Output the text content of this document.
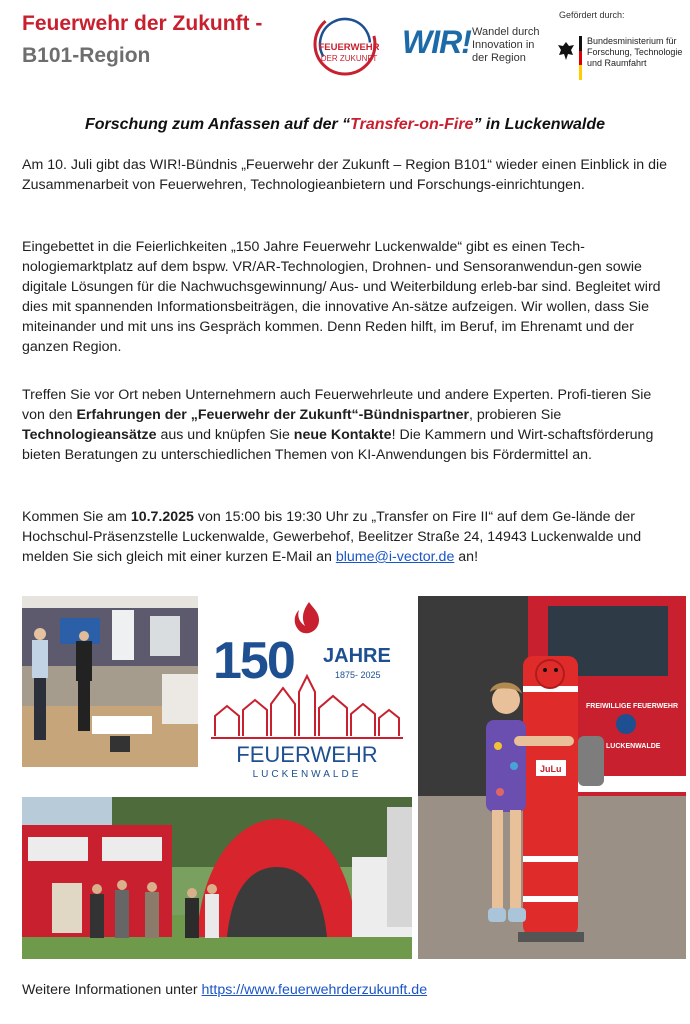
Feuerwehr der Zukunft -
B101-Region	FEUERWEHR
DER ZUKUNFT WIR! Wandel durch Innovation in der Region
Gefördert durch:
Bundesministerium für Forschung, Technologie und Raumfahrt
Forschung zum Anfassen auf der “Transfer-on-Fire” in Luckenwalde

Am 10. Juli gibt das WIR!-Bündnis „Feuerwehr der Zukunft – Region B101“ wieder einen Einblick in die Zusammenarbeit von Feuerwehren, Technologieanbietern und Forschungs-einrichtungen.

Eingebettet in die Feierlichkeiten „150 Jahre Feuerwehr Luckenwalde“ gibt es einen Tech-nologiemarktplatz auf dem bspw. VR/AR-Technologien, Drohnen- und Sensoranwendun-gen sowie digitale Lösungen für die Nachwuchsgewinnung/ Aus- und Weiterbildung erleb-bar sind. Begleitet wird dies mit spannenden Informationsbeiträgen, die innovative An-sätze aufzeigen. Wir wollen, dass Sie miteinander und mit uns ins Gespräch kommen. Denn Reden hilft, im Beruf, im Ehrenamt und der ganzen Region.

Treffen Sie vor Ort neben Unternehmern auch Feuerwehrleute und andere Experten. Profi-tieren Sie von den Erfahrungen der „Feuerwehr der Zukunft“-Bündnispartner, probieren Sie Technologieansätze aus und knüpfen Sie neue Kontakte! Die Kammern und Wirt-schaftsförderung bieten Beratungen zu unterschiedlichen Themen von KI-Anwendungen bis Fördermittel an.

Kommen Sie am 10.7.2025 von 15:00 bis 19:30 Uhr zu „Transfer on Fire II“ auf dem Ge-lände der Hochschul-Präsenzstelle Luckenwalde, Gewerbehof, Beelitzer Straße 24, 14943 Luckenwalde und melden Sie sich gleich mit einer kurzen E-Mail an blume@i-vector.de an!

150 JAHRE
1875- 2025
FEUERWEHR
LUCKENWALDE
FREIWILLIGE FEUERWEHR
LUCKENWALDE
JuLu
Weitere Informationen unter https://www.feuerwehrderzukunft.de
